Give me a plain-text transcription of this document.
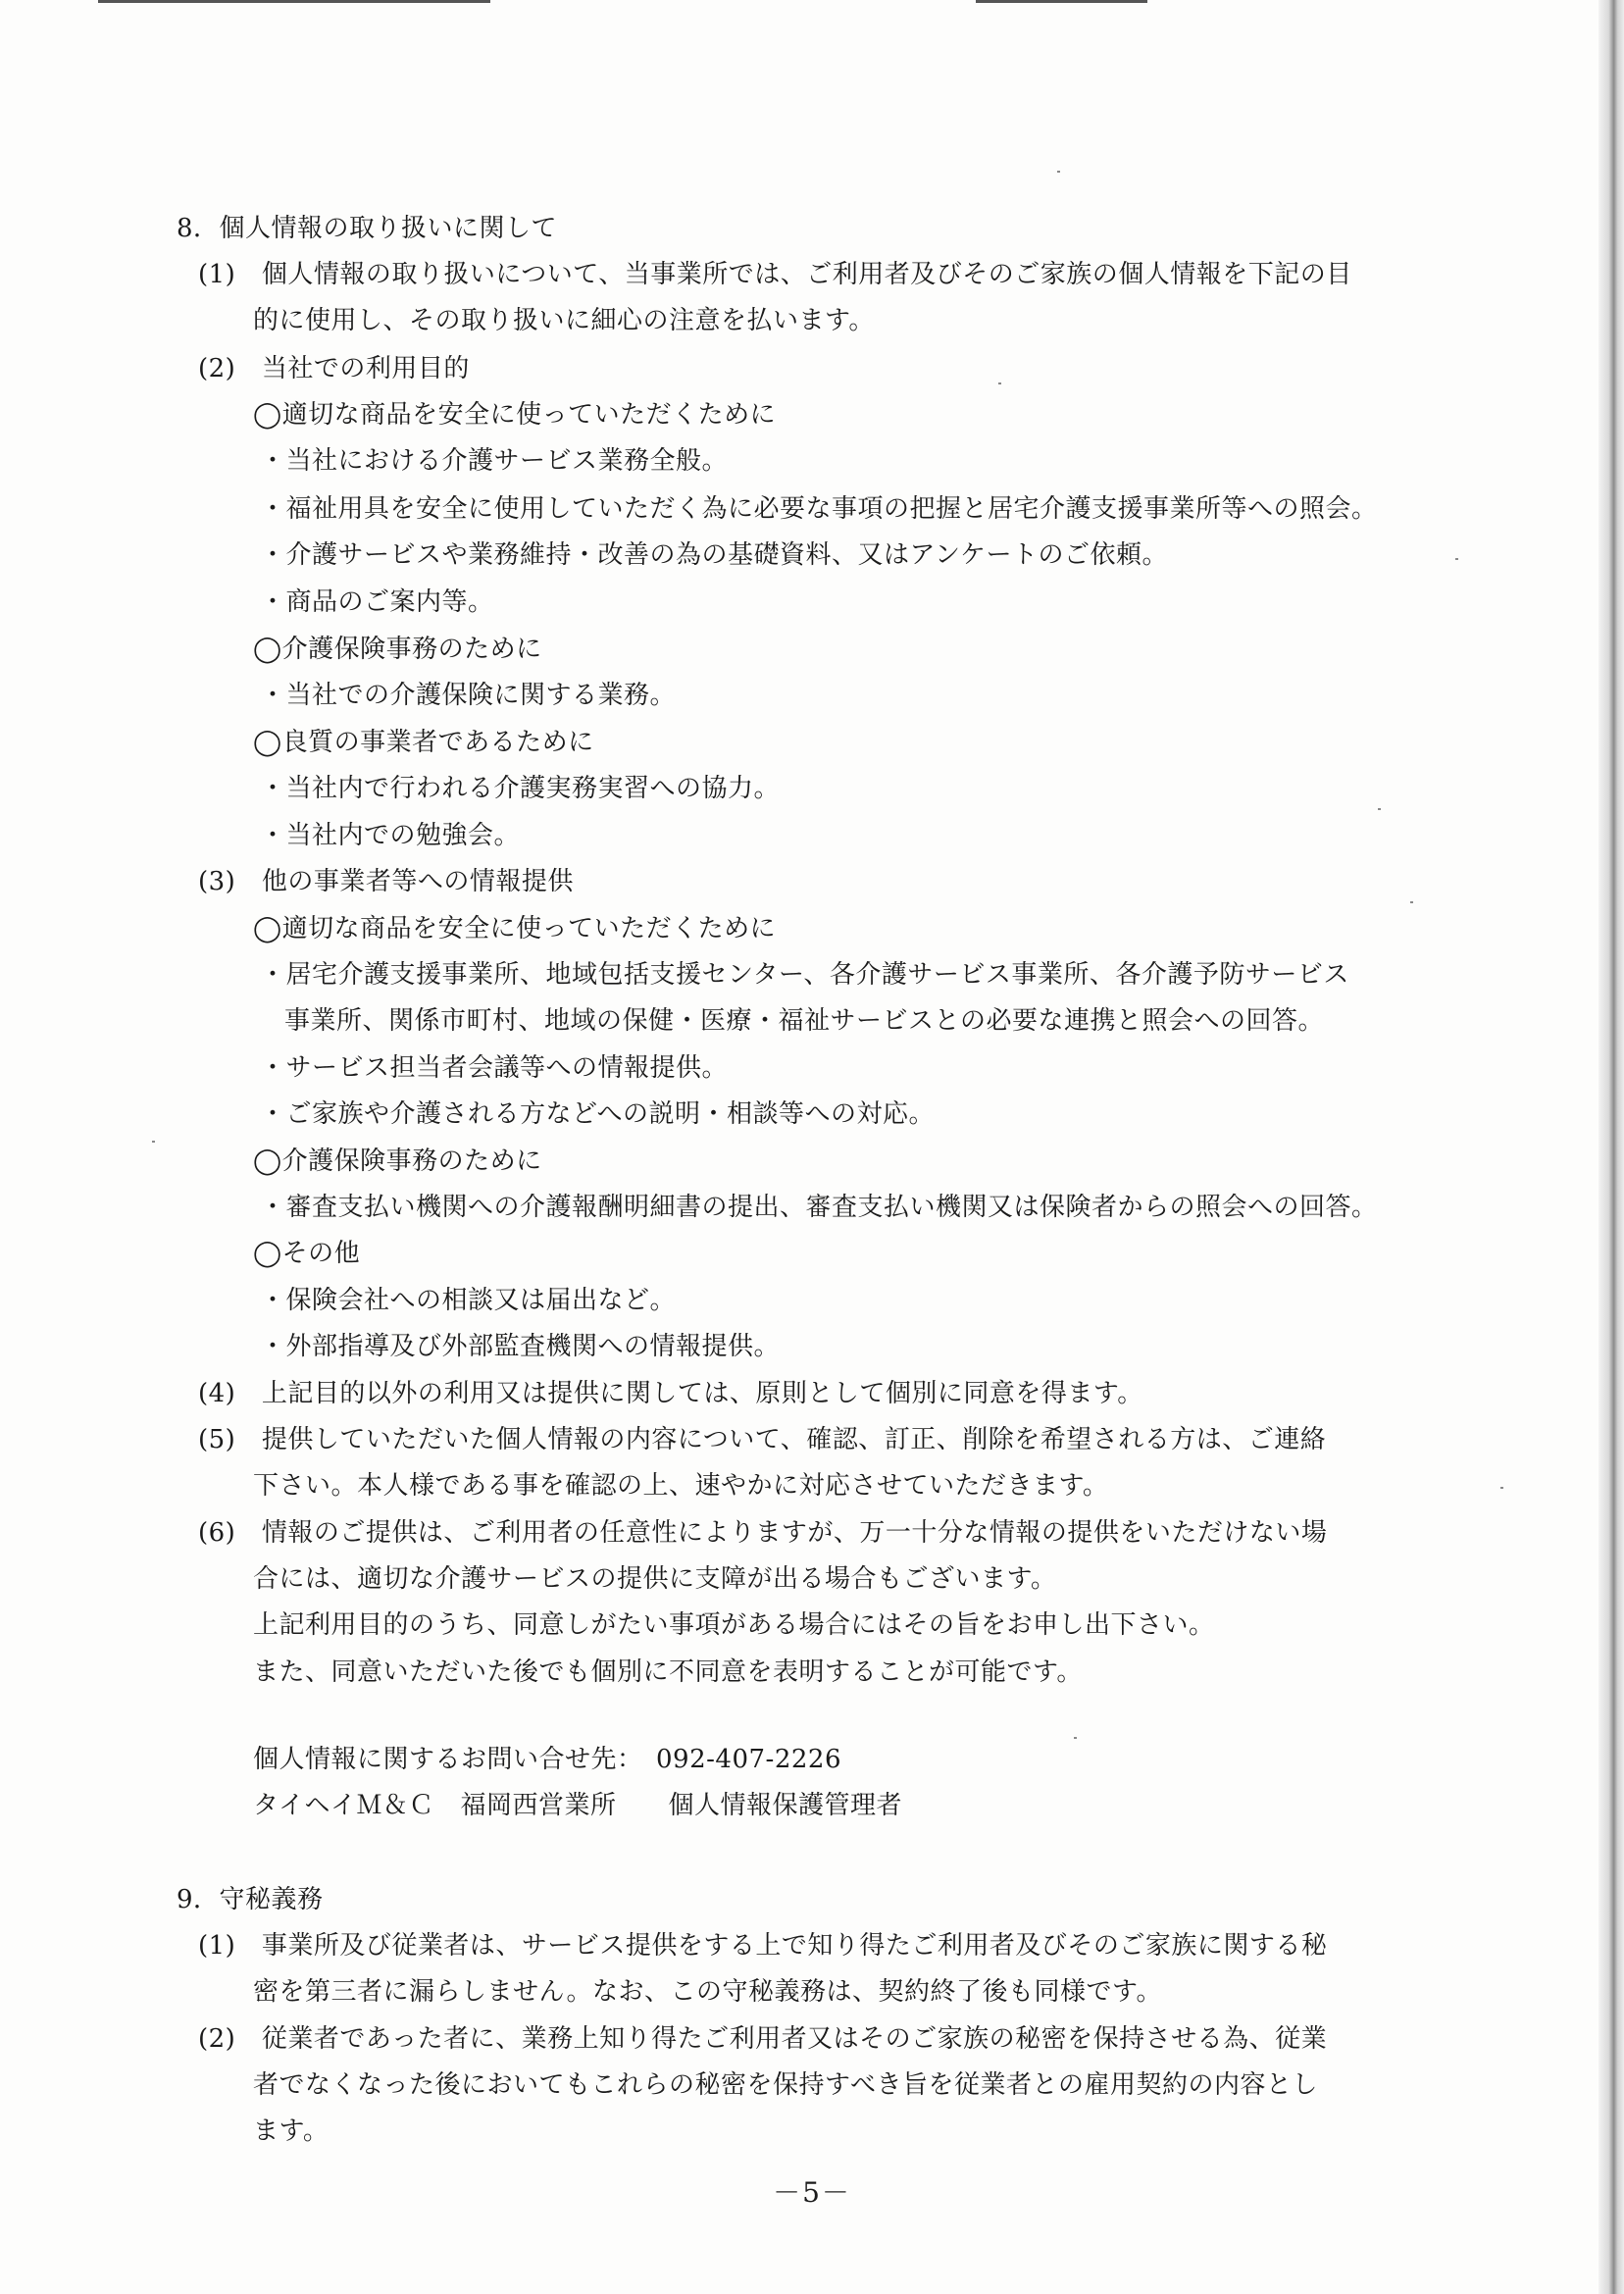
8．個人情報の取り扱いに関して
(1)　個人情報の取り扱いについて、当事業所では、ご利用者及びそのご家族の個人情報を下記の目
的に使用し、その取り扱いに細心の注意を払います。
(2)　当社での利用目的
◯適切な商品を安全に使っていただくために
・当社における介護サービス業務全般。
・福祉用具を安全に使用していただく為に必要な事項の把握と居宅介護支援事業所等への照会。
・介護サービスや業務維持・改善の為の基礎資料、又はアンケートのご依頼。
・商品のご案内等。
◯介護保険事務のために
・当社での介護保険に関する業務。
◯良質の事業者であるために
・当社内で行われる介護実務実習への協力。
・当社内での勉強会。
(3)　他の事業者等への情報提供
◯適切な商品を安全に使っていただくために
・居宅介護支援事業所、地域包括支援センター、各介護サービス事業所、各介護予防サービス
事業所、関係市町村、地域の保健・医療・福祉サービスとの必要な連携と照会への回答。
・サービス担当者会議等への情報提供。
・ご家族や介護される方などへの説明・相談等への対応。
◯介護保険事務のために
・審査支払い機関への介護報酬明細書の提出、審査支払い機関又は保険者からの照会への回答。
◯その他
・保険会社への相談又は届出など。
・外部指導及び外部監査機関への情報提供。
(4)　上記目的以外の利用又は提供に関しては、原則として個別に同意を得ます。
(5)　提供していただいた個人情報の内容について、確認、訂正、削除を希望される方は、ご連絡
下さい。本人様である事を確認の上、速やかに対応させていただきます。
(6)　情報のご提供は、ご利用者の任意性によりますが、万一十分な情報の提供をいただけない場
合には、適切な介護サービスの提供に支障が出る場合もございます。
上記利用目的のうち、同意しがたい事項がある場合にはその旨をお申し出下さい。
また、同意いただいた後でも個別に不同意を表明することが可能です。
個人情報に関するお問い合せ先：　092-407-2226
タイヘイＭ＆Ｃ　福岡西営業所　　個人情報保護管理者
9．守秘義務
(1)　事業所及び従業者は、サービス提供をする上で知り得たご利用者及びそのご家族に関する秘
密を第三者に漏らしません。なお、この守秘義務は、契約終了後も同様です。
(2)　従業者であった者に、業務上知り得たご利用者又はそのご家族の秘密を保持させる為、従業
者でなくなった後においてもこれらの秘密を保持すべき旨を従業者との雇用契約の内容とし
ます。
－5－
